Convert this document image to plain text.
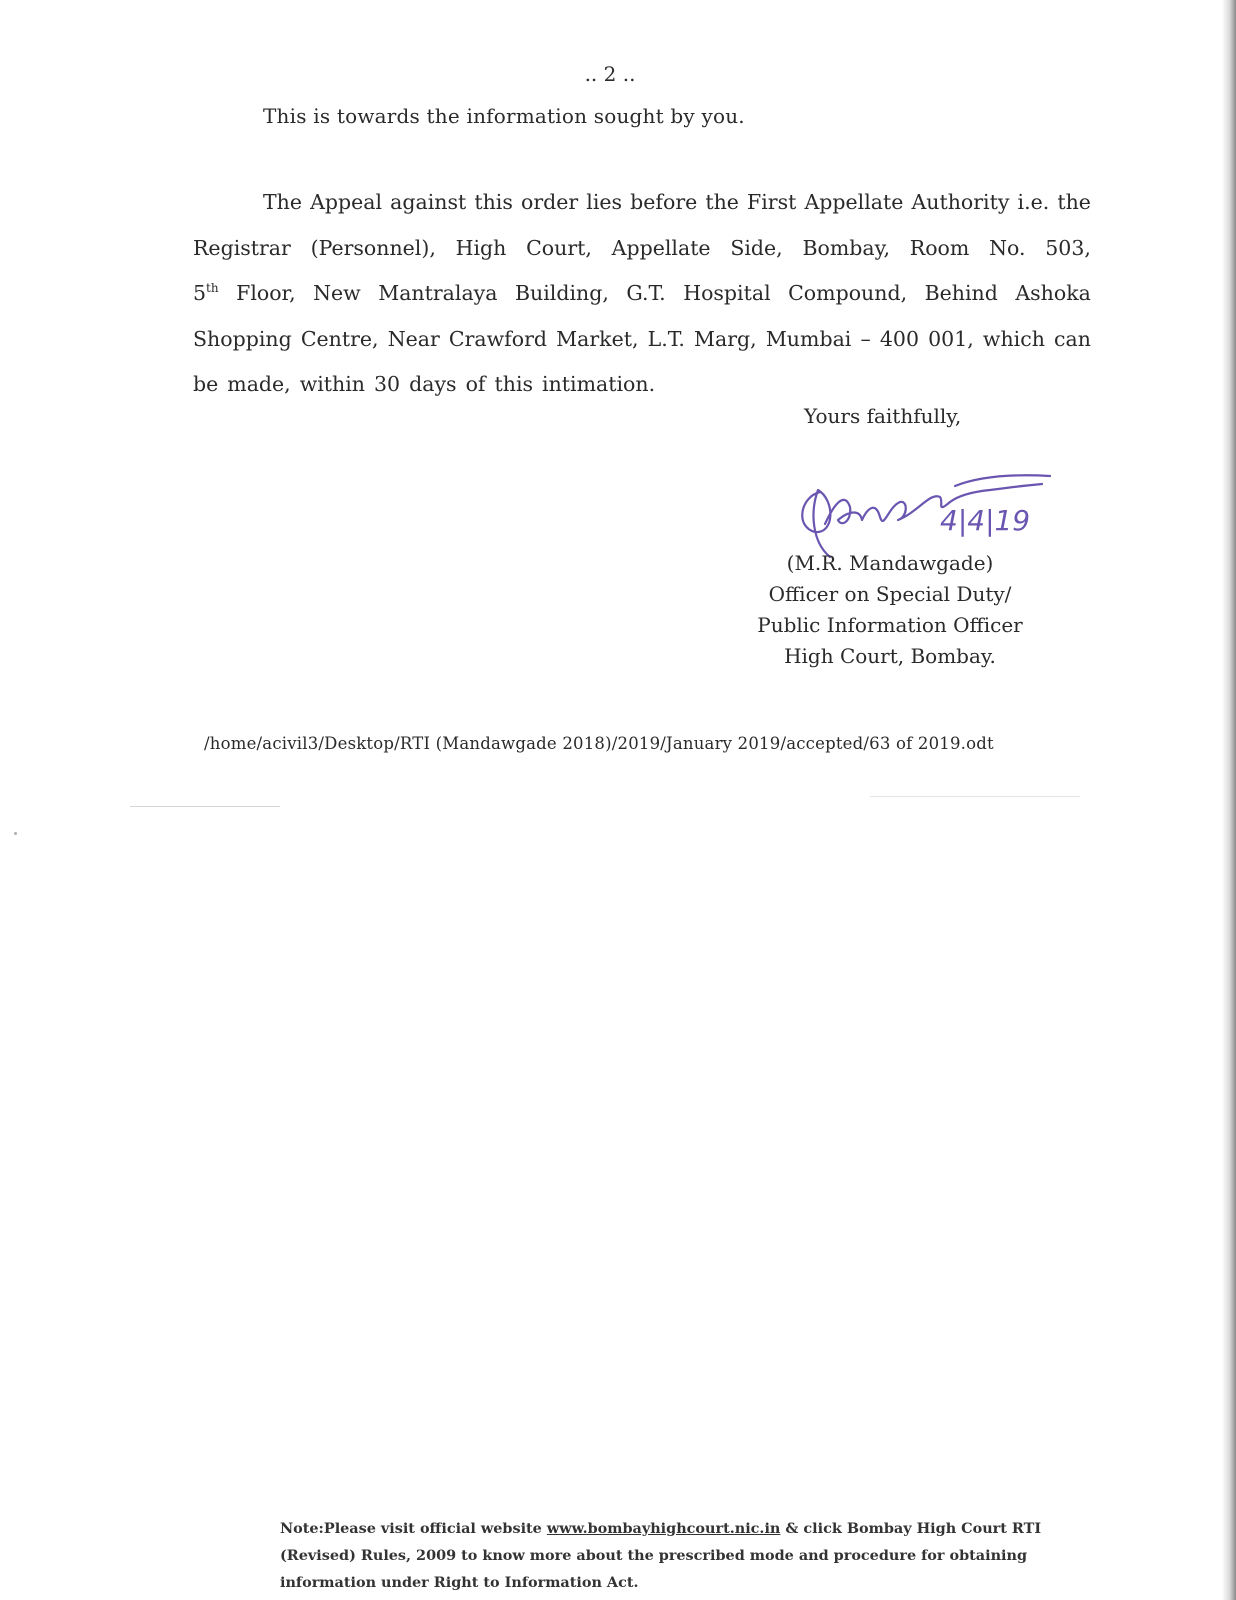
.. 2 ..
This is towards the information sought by you.
The Appeal against this order lies before the First Appellate Authority i.e. the
Registrar (Personnel), High Court, Appellate Side, Bombay, Room No. 503,
5th Floor, New Mantralaya Building, G.T. Hospital Compound, Behind Ashoka
Shopping Centre, Near Crawford Market, L.T. Marg, Mumbai – 400 001, which can
be made, within 30 days of this intimation.
Yours faithfully,
4|4|19
(M.R. Mandawgade)
Officer on Special Duty/
Public Information Officer
High Court, Bombay.
/home/acivil3/Desktop/RTI (Mandawgade 2018)/2019/January 2019/accepted/63 of 2019.odt
Note:Please visit official website www.bombayhighcourt.nic.in & click Bombay High Court RTI (Revised) Rules, 2009 to know more about the prescribed mode and procedure for obtaining information under Right to Information Act.
